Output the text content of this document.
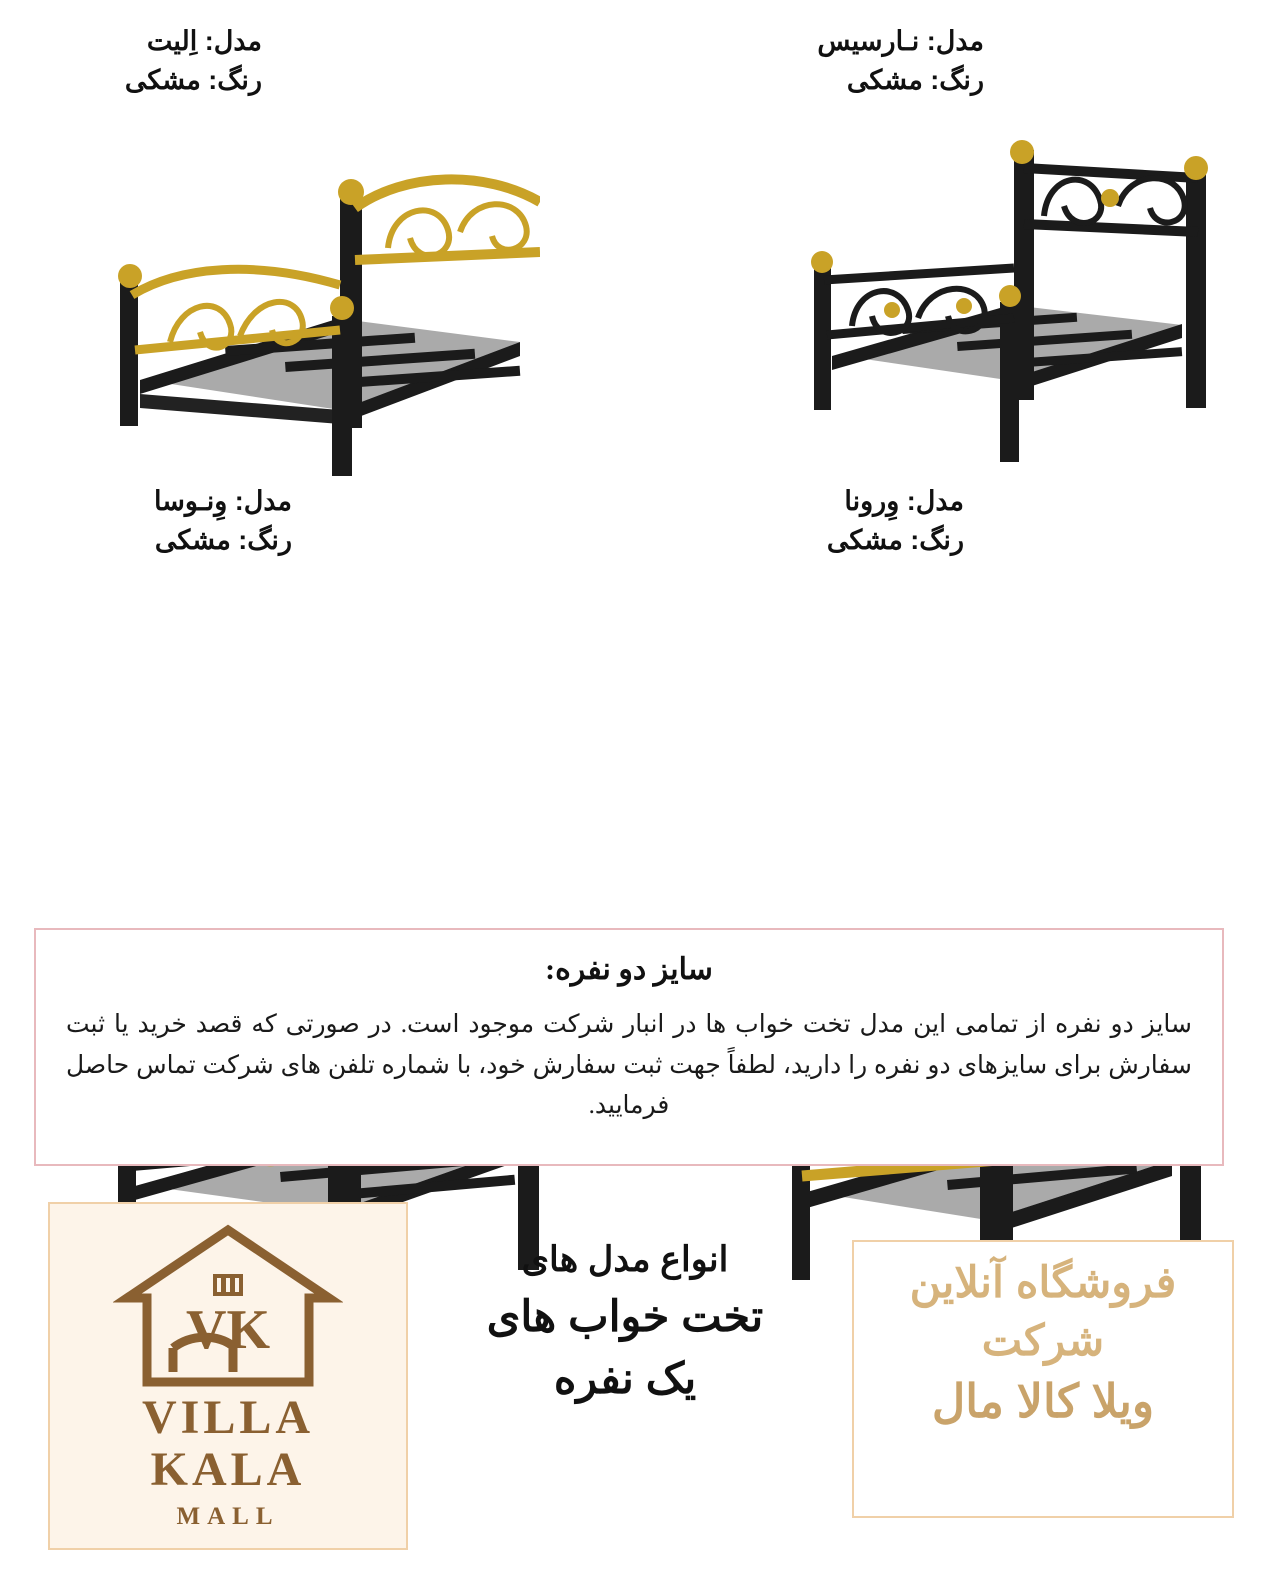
مدل: اِلیت
رنگ: مشکی
مدل: نـارسیس
رنگ: مشکی
مدل: وِنـوسا
رنگ: مشکی
مدل: وِرونا
رنگ: مشکی
سایز دو نفره:
سایز دو نفره از تمامی این مدل تخت خواب ها در انبار شرکت موجود است. در صورتی که قصد خرید یا ثبت سفارش برای سایزهای دو نفره را دارید، لطفاً جهت ثبت سفارش خود، با شماره تلفن های شرکت تماس حاصل فرمایید.
VK
VILLA
KALA
MALL
انواع مدل های
تخت خواب های
یک نفره
فروشگاه آنلاین
شرکت
ویلا کالا مال
